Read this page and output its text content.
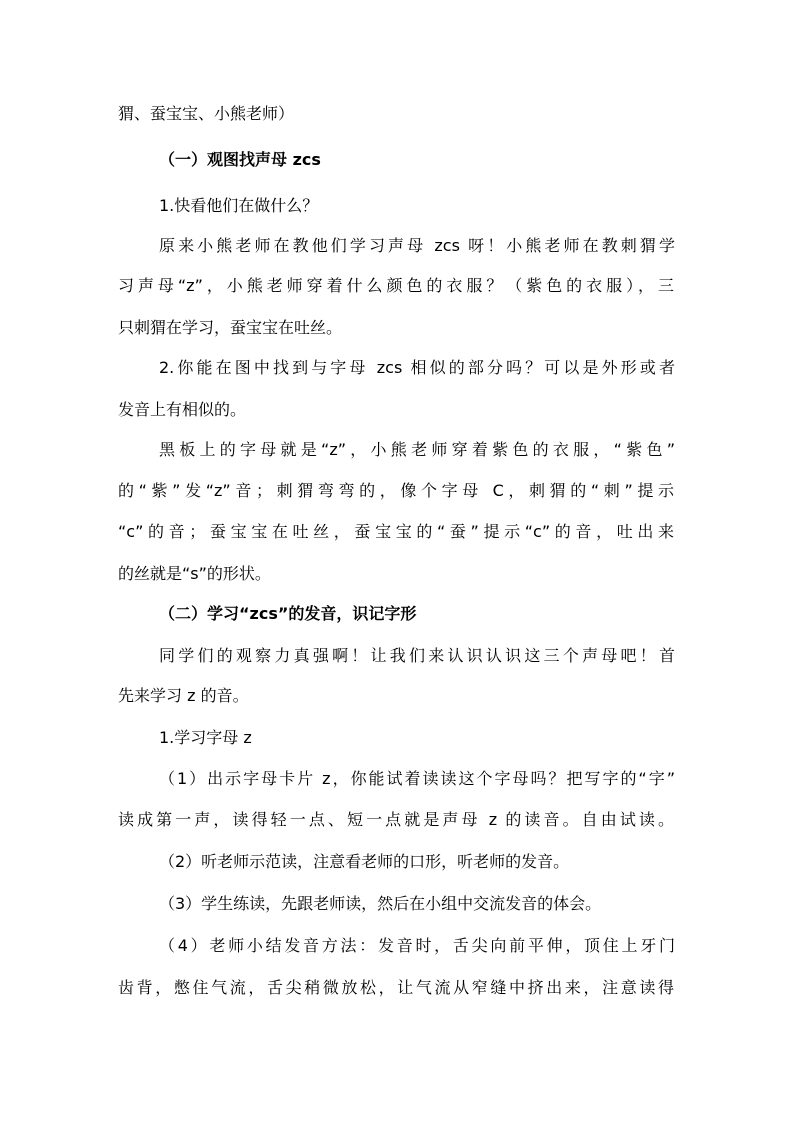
猬、蚕宝宝、小熊老师）
（一）观图找声母 zcs
1.快看他们在做什么？
原来小熊老师在教他们学习声母 zcs 呀！小熊老师在教刺猬学
习声母“z”，小熊老师穿着什么颜色的衣服？（紫色的衣服），三
只刺猬在学习，蚕宝宝在吐丝。
2.你能在图中找到与字母 zcs 相似的部分吗？可以是外形或者
发音上有相似的。
黑板上的字母就是“z”，小熊老师穿着紫色的衣服，“紫色”
的“紫”发“z”音；刺猬弯弯的，像个字母 C，刺猬的“刺”提示
“c”的音；蚕宝宝在吐丝，蚕宝宝的“蚕”提示“c”的音，吐出来
的丝就是“s”的形状。
（二）学习“zcs”的发音，识记字形
同学们的观察力真强啊！让我们来认识认识这三个声母吧！首
先来学习 z 的音。
1.学习字母 z
（1）出示字母卡片 z，你能试着读读这个字母吗？把写字的“字”
读成第一声，读得轻一点、短一点就是声母 z 的读音。自由试读。
（2）听老师示范读，注意看老师的口形，听老师的发音。
（3）学生练读，先跟老师读，然后在小组中交流发音的体会。
（4）老师小结发音方法：发音时，舌尖向前平伸，顶住上牙门
齿背，憋住气流，舌尖稍微放松，让气流从窄缝中挤出来，注意读得
